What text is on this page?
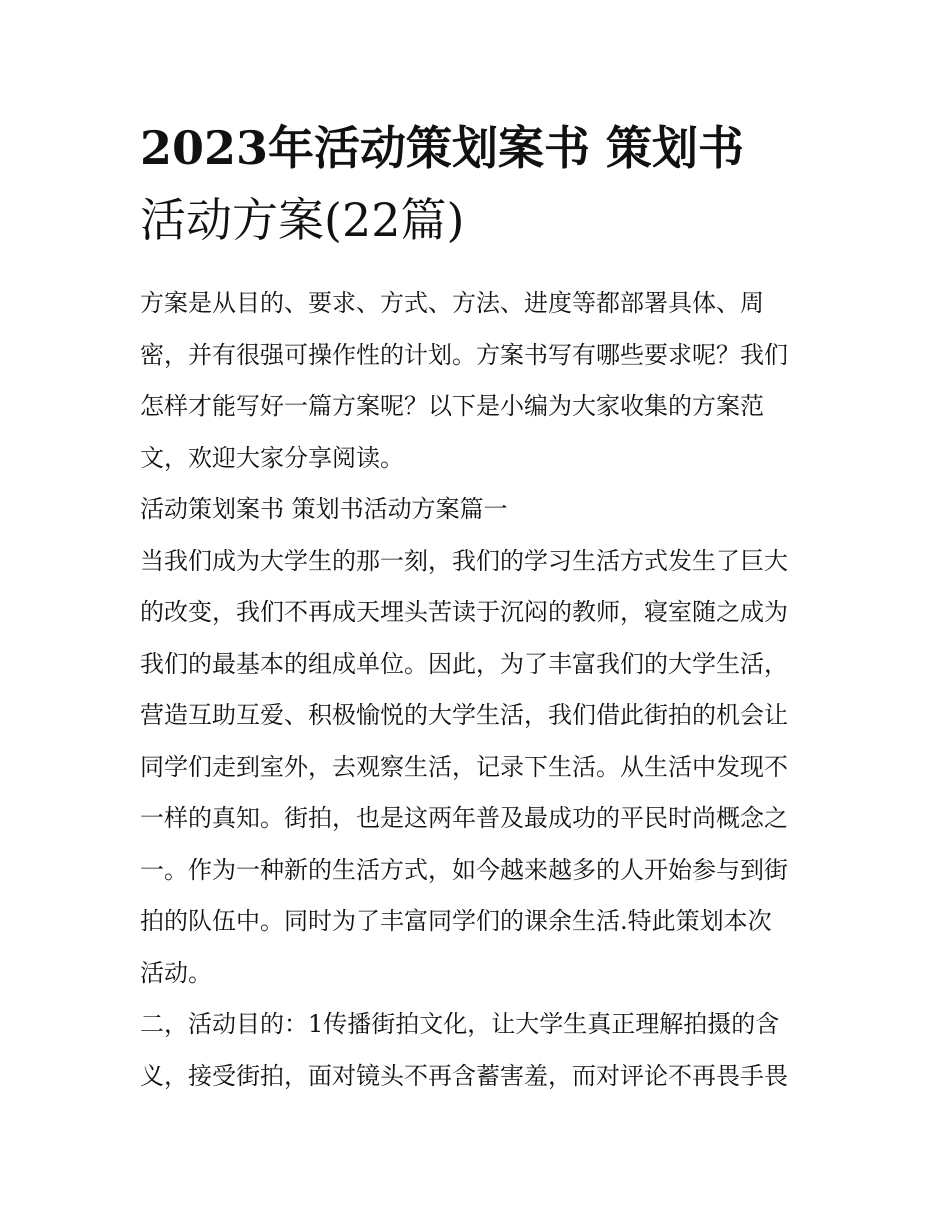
2023年活动策划案书 策划书
活动方案(22篇)

方案是从目的、要求、方式、方法、进度等都部署具体、周
密，并有很强可操作性的计划。方案书写有哪些要求呢？我们
怎样才能写好一篇方案呢？以下是小编为大家收集的方案范
文，欢迎大家分享阅读。

活动策划案书 策划书活动方案篇一

当我们成为大学生的那一刻，我们的学习生活方式发生了巨大
的改变，我们不再成天埋头苦读于沉闷的教师，寝室随之成为
我们的最基本的组成单位。因此，为了丰富我们的大学生活，
营造互助互爱、积极愉悦的大学生活，我们借此街拍的机会让
同学们走到室外，去观察生活，记录下生活。从生活中发现不
一样的真知。街拍，也是这两年普及最成功的平民时尚概念之
一。作为一种新的生活方式，如今越来越多的人开始参与到街
拍的队伍中。同时为了丰富同学们的课余生活.特此策划本次
活动。

二，活动目的：1传播街拍文化，让大学生真正理解拍摄的含
义，接受街拍，面对镜头不再含蓄害羞，而对评论不再畏手畏
